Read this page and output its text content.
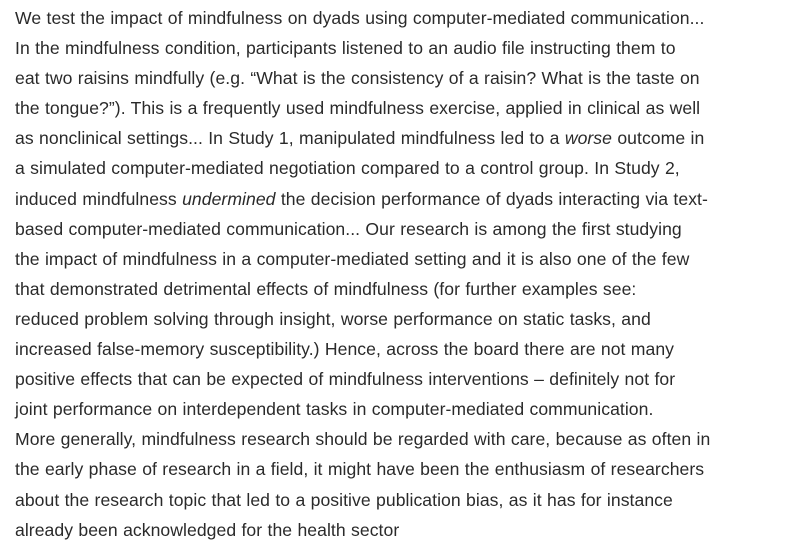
We test the impact of mindfulness on dyads using computer-mediated communication...
In the mindfulness condition, participants listened to an audio file instructing them to
eat two raisins mindfully (e.g. “What is the consistency of a raisin? What is the taste on
the tongue?”). This is a frequently used mindfulness exercise, applied in clinical as well
as nonclinical settings... In Study 1, manipulated mindfulness led to a worse outcome in
a simulated computer-mediated negotiation compared to a control group. In Study 2,
induced mindfulness undermined the decision performance of dyads interacting via text-
based computer-mediated communication... Our research is among the first studying
the impact of mindfulness in a computer-mediated setting and it is also one of the few
that demonstrated detrimental effects of mindfulness (for further examples see:
reduced problem solving through insight, worse performance on static tasks, and
increased false-memory susceptibility.) Hence, across the board there are not many
positive effects that can be expected of mindfulness interventions – definitely not for
joint performance on interdependent tasks in computer-mediated communication.
More generally, mindfulness research should be regarded with care, because as often in
the early phase of research in a field, it might have been the enthusiasm of researchers
about the research topic that led to a positive publication bias, as it has for instance
already been acknowledged for the health sector
